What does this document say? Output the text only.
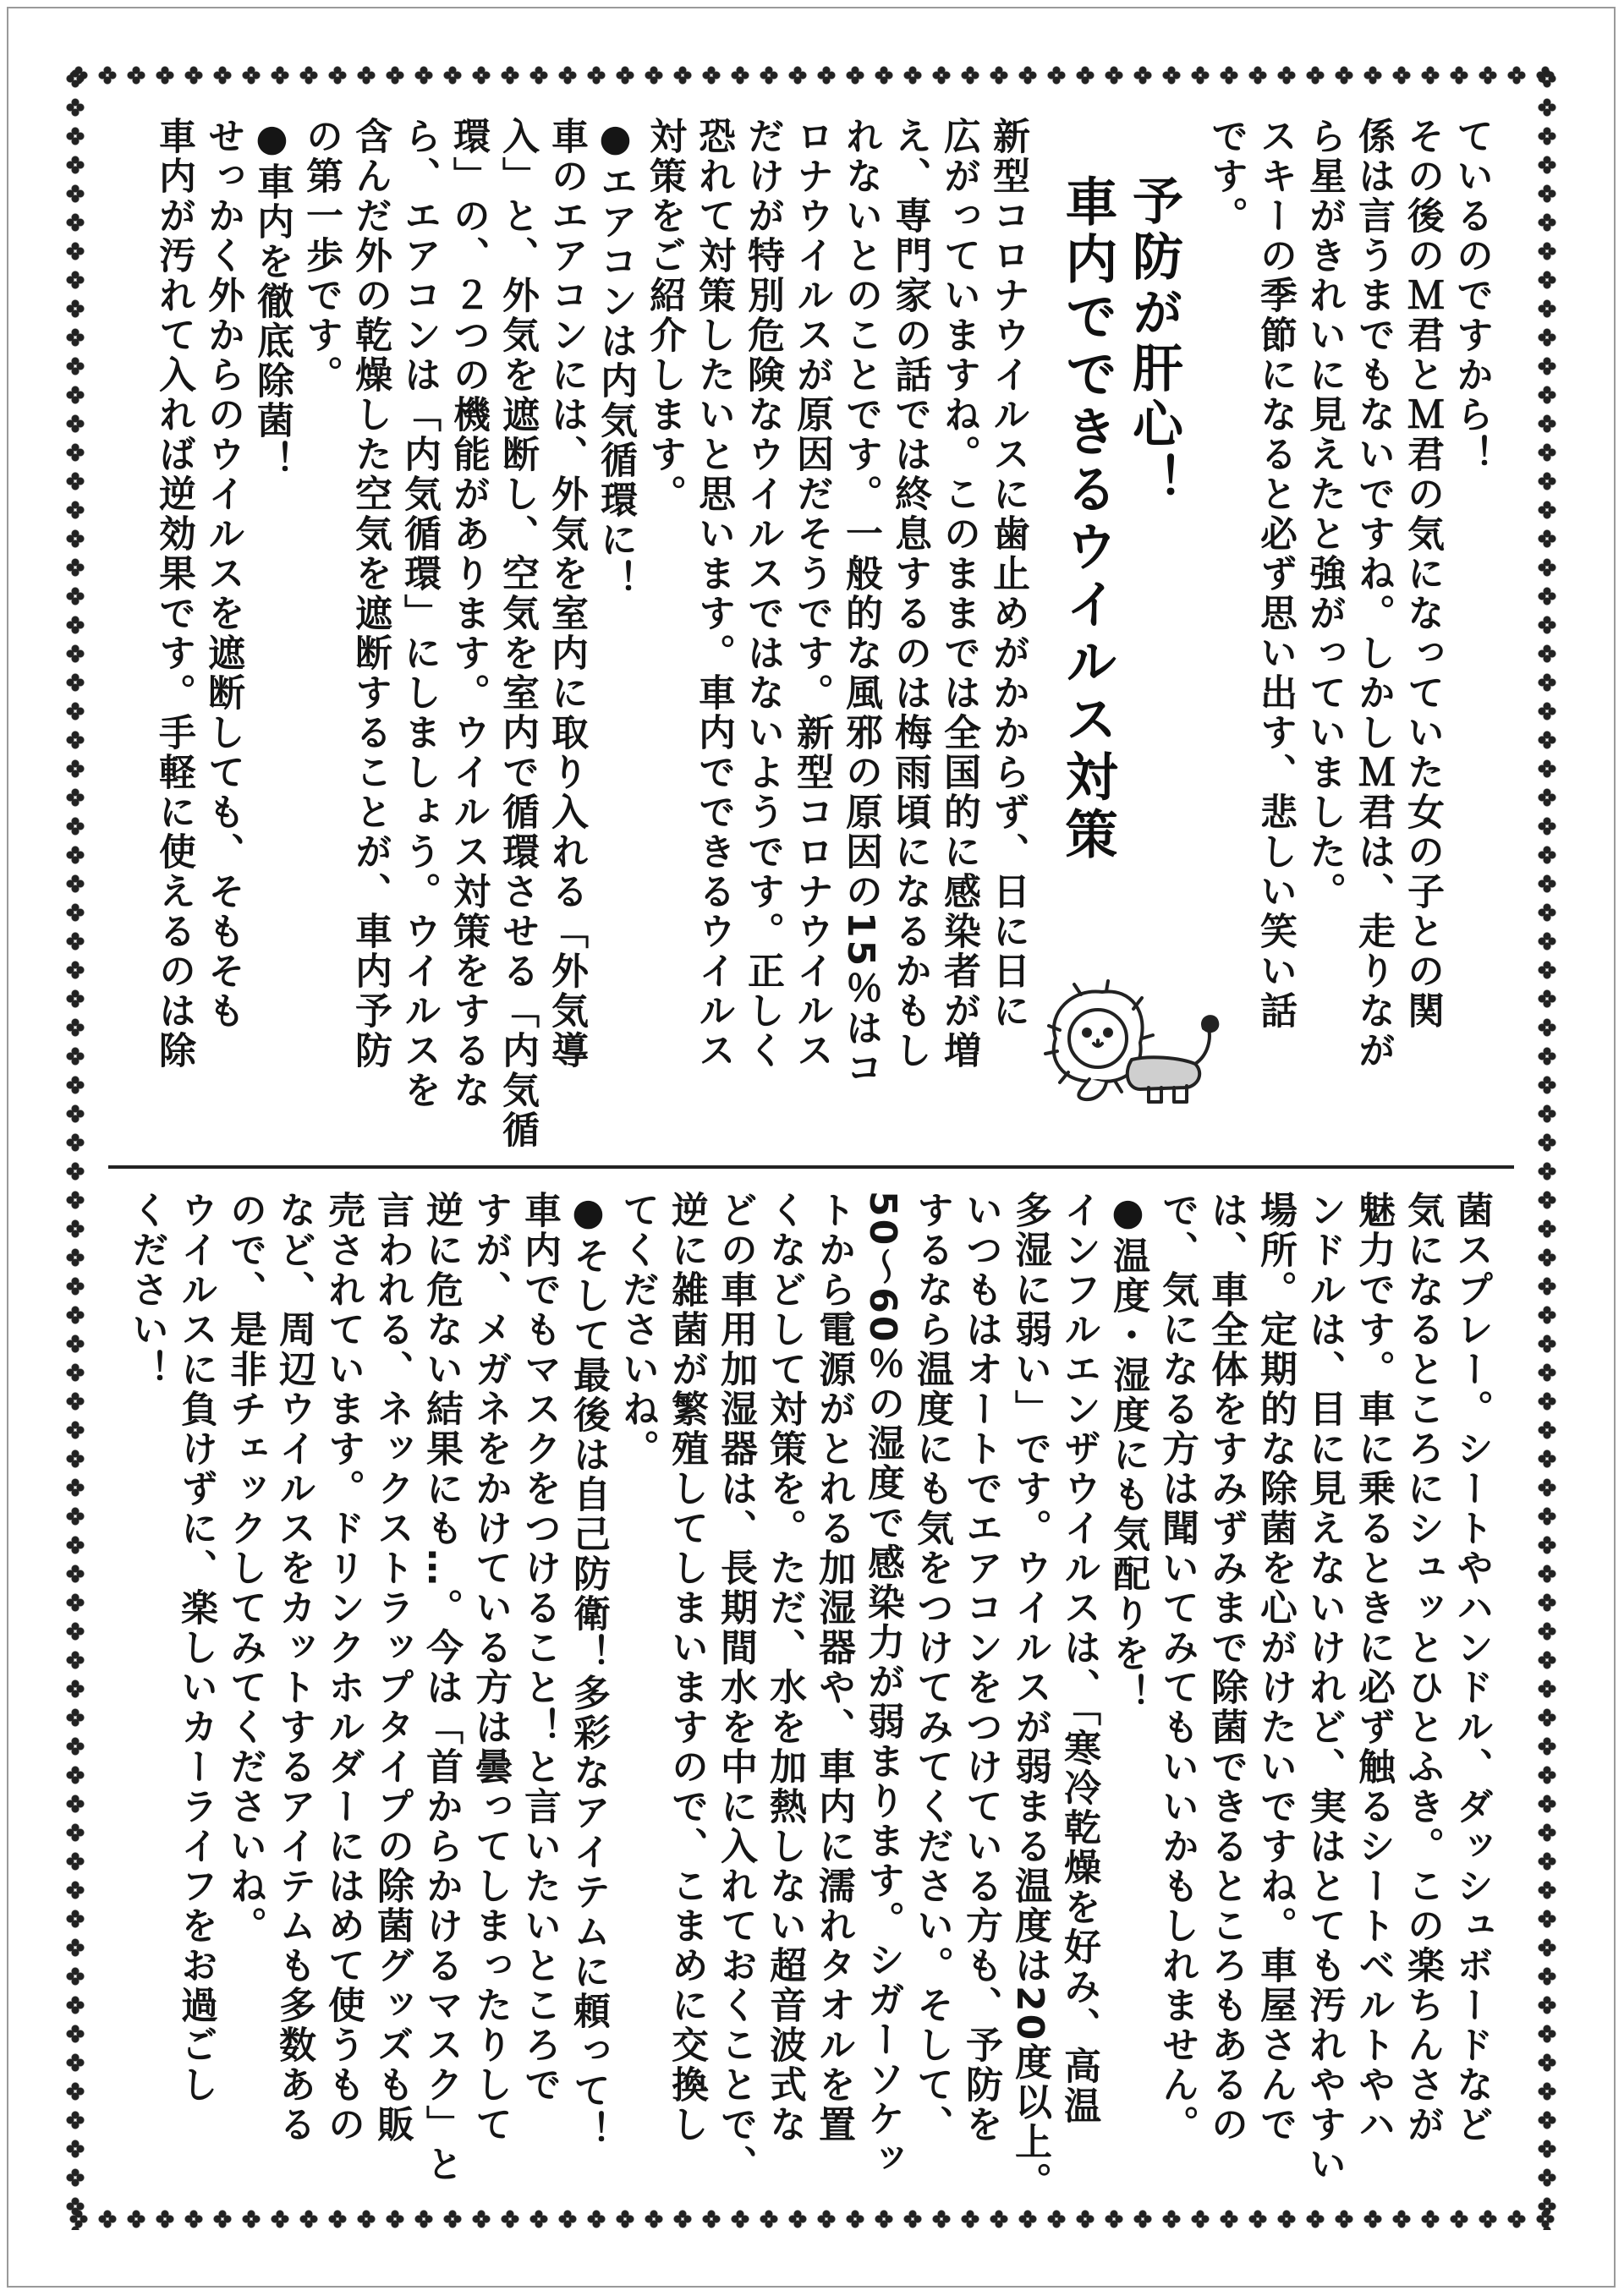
ているのですから！
その後のＭ君とＭ君の気になっていた女の子との関
係は言うまでもないですね。しかしＭ君は、走りなが
ら星がきれいに見えたと強がっていました。
スキーの季節になると必ず思い出す、悲しい笑い話
です。
新型コロナウイルスに歯止めがかからず、日に日に
広がっていますね。このままでは全国的に感染者が増
え、専門家の話では終息するのは梅雨頃になるかもし
れないとのことです。一般的な風邪の原因の15％はコ
ロナウイルスが原因だそうです。新型コロナウイルス
だけが特別危険なウイルスではないようです。正しく
恐れて対策したいと思います。車内でできるウイルス
対策をご紹介します。
●エアコンは内気循環に！
車のエアコンには、外気を室内に取り入れる「外気導
入」と、外気を遮断し、空気を室内で循環させる「内気循
環」の、２つの機能があります。ウイルス対策をするな
ら、エアコンは「内気循環」にしましょう。ウイルスを
含んだ外の乾燥した空気を遮断することが、車内予防
の第一歩です。
●車内を徹底除菌！
せっかく外からのウイルスを遮断しても、そもそも
車内が汚れて入れば逆効果です。手軽に使えるのは除	予防が肝心！
車内でできるウイルス対策
菌スプレー。シートやハンドル、ダッシュボードなど
気になるところにシュッとひとふき。この楽ちんさが
魅力です。車に乗るときに必ず触るシートベルトやハ
ンドルは、目に見えないけれど、実はとても汚れやすい
場所。定期的な除菌を心がけたいですね。車屋さんで
は、車全体をすみずみまで除菌できるところもあるの
で、気になる方は聞いてみてもいいかもしれません。
●温度・湿度にも気配りを！
インフルエンザウイルスは、「寒冷乾燥を好み、高温
多湿に弱い」です。ウイルスが弱まる温度は20度以上。
いつもはオートでエアコンをつけている方も、予防を
するなら温度にも気をつけてみてください。そして、
50～60％の湿度で感染力が弱まります。シガーソケッ
トから電源がとれる加湿器や、車内に濡れタオルを置
くなどして対策を。ただ、水を加熱しない超音波式な
どの車用加湿器は、長期間水を中に入れておくことで、
逆に雑菌が繁殖してしまいますので、こまめに交換し
てくださいね。
●そして最後は自己防衛！多彩なアイテムに頼って！
車内でもマスクをつけること！と言いたいところで
すが、メガネをかけている方は曇ってしまったりして
逆に危ない結果にも…。今は「首からかけるマスク」と
言われる、ネックストラップタイプの除菌グッズも販
売されています。ドリンクホルダーにはめて使うもの
など、周辺ウイルスをカットするアイテムも多数ある
ので、是非チェックしてみてくださいね。
ウイルスに負けずに、楽しいカーライフをお過ごし
ください！
